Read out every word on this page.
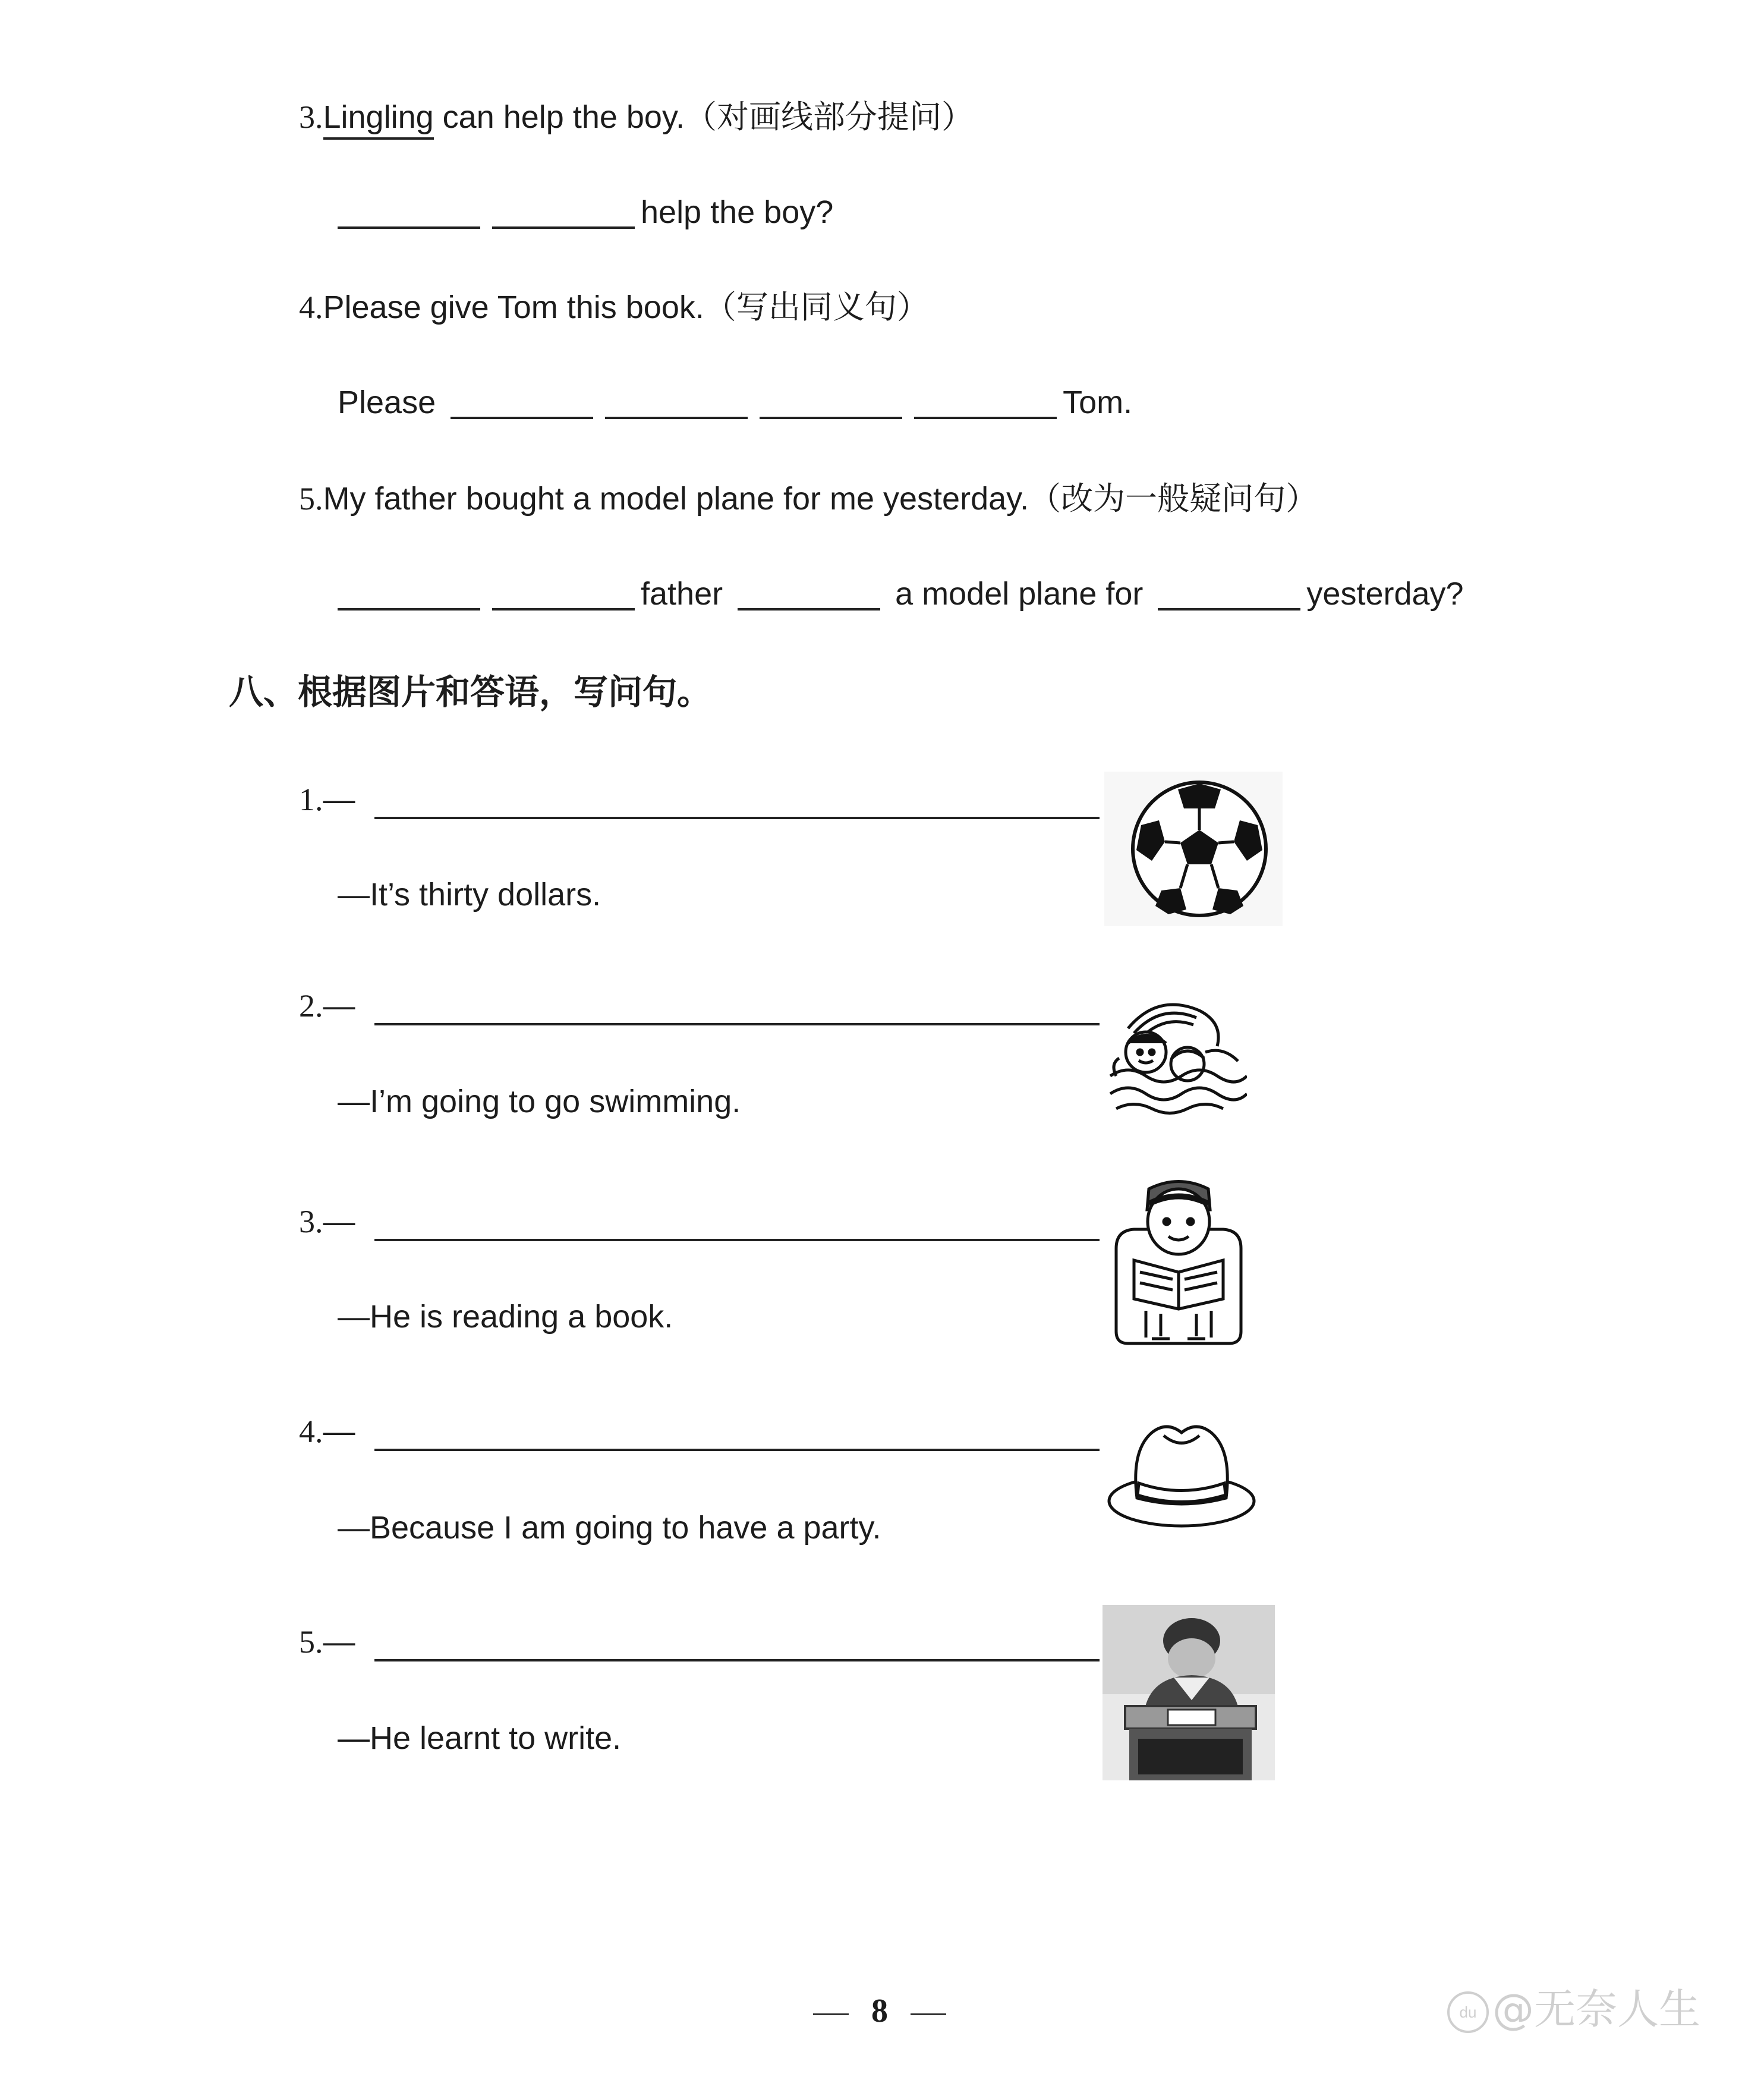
3.Lingling can help the boy.（对画线部分提问）
help the boy?
4.Please give Tom this book.（写出同义句）
Please	Tom.
5.My father bought a model plane for me yesterday.（改为一般疑问句）
father	a model plane for	yesterday?
八、根据图片和答语，写问句。
1.—
—It’s thirty dollars.
2.—
—I’m going to go swimming.
3.—
—He is reading a book.
4.—
—Because I am going to have a party.
5.—
—He learnt to write.
8	du @无奈人生
